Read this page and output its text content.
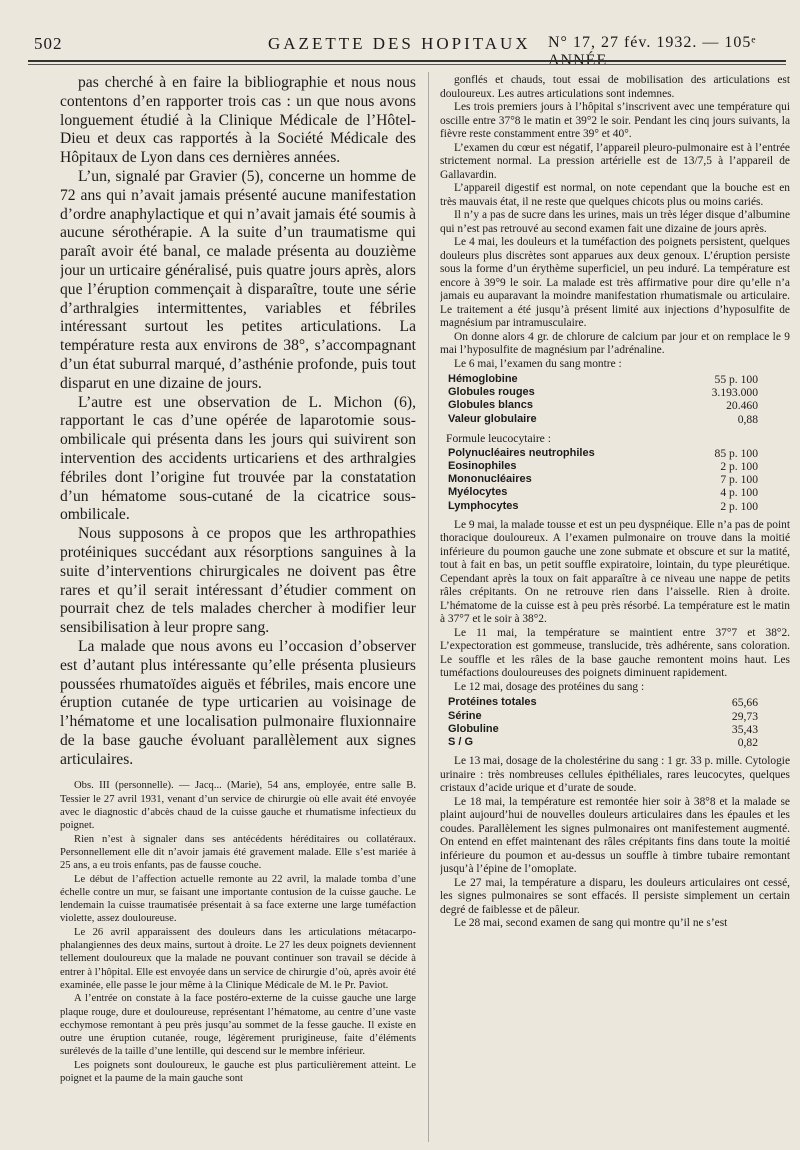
502	GAZETTE DES HOPITAUX N° 17, 27 fév. 1932. — 105ᵉ ANNÉE

pas cherché à en faire la bibliographie et nous nous contentons d’en rapporter trois cas : un que nous avons longuement étudié à la Clinique Médicale de l’Hôtel-Dieu et deux cas rapportés à la Société Médicale des Hôpitaux de Lyon dans ces dernières années.

L’un, signalé par Gravier (5), concerne un homme de 72 ans qui n’avait jamais présenté aucune manifestation d’ordre anaphylactique et qui n’avait jamais été soumis à aucune sérothérapie. A la suite d’un traumatisme qui paraît avoir été banal, ce malade présenta au douzième jour un urticaire généralisé, puis quatre jours après, alors que l’éruption commençait à disparaître, toute une série d’arthralgies intermittentes, variables et fébriles intéressant surtout les petites articulations. La température resta aux environs de 38°, s’accompagnant d’un état suburral marqué, d’asthénie profonde, puis tout disparut en une dizaine de jours.

L’autre est une observation de L. Michon (6), rapportant le cas d’une opérée de laparotomie sous-ombilicale qui présenta dans les jours qui suivirent son intervention des accidents urticariens et des arthralgies fébriles dont l’origine fut trouvée par la constatation d’un hématome sous-cutané de la cicatrice sous-ombilicale.

Nous supposons à ce propos que les arthropathies protéiniques succédant aux résorptions sanguines à la suite d’interventions chirurgicales ne doivent pas être rares et qu’il serait intéressant d’étudier comment on pourrait chez de tels malades chercher à modifier leur sensibilisation à leur propre sang.

La malade que nous avons eu l’occasion d’observer est d’autant plus intéressante qu’elle présenta plusieurs poussées rhumatoïdes aiguës et fébriles, mais encore une éruption cutanée de type urticarien au voisinage de l’hématome et une localisation pulmonaire fluxionnaire de la base gauche évoluant parallèlement aux signes articulaires.

Obs. III (personnelle). — Jacq... (Marie), 54 ans, employée, entre salle B. Tessier le 27 avril 1931, venant d’un service de chirurgie où elle avait été envoyée avec le diagnostic d’abcès chaud de la cuisse gauche et rhumatisme infectieux du poignet.

Rien n’est à signaler dans ses antécédents héréditaires ou collatéraux. Personnellement elle dit n’avoir jamais été gravement malade. Elle s’est mariée à 25 ans, a eu trois enfants, pas de fausse couche.

Le début de l’affection actuelle remonte au 22 avril, la malade tomba d’une échelle contre un mur, se faisant une importante contusion de la cuisse gauche. Le lendemain la cuisse traumatisée présentait à sa face externe une large tuméfaction violette, assez douloureuse.

Le 26 avril apparaissent des douleurs dans les articulations métacarpo-phalangiennes des deux mains, surtout à droite. Le 27 les deux poignets deviennent tellement douloureux que la malade ne pouvant continuer son travail se décide à entrer à l’hôpital. Elle est envoyée dans un service de chirurgie d’où, après avoir été examinée, elle passe le jour même à la Clinique Médicale de M. le Pr. Paviot.

A l’entrée on constate à la face postéro-externe de la cuisse gauche une large plaque rouge, dure et douloureuse, représentant l’hématome, au centre d’une vaste ecchymose remontant à peu près jusqu’au sommet de la fesse gauche. Il existe en outre une éruption cutanée, rouge, légèrement prurigineuse, faite d’éléments surélevés de la taille d’une lentille, qui descend sur le membre inférieur.

Les poignets sont douloureux, le gauche est plus particulièrement atteint. Le poignet et la paume de la main gauche sont

gonflés et chauds, tout essai de mobilisation des articulations est douloureux. Les autres articulations sont indemnes.

Les trois premiers jours à l’hôpital s’inscrivent avec une température qui oscille entre 37°8 le matin et 39°2 le soir. Pendant les cinq jours suivants, la fièvre reste constamment entre 39° et 40°.

L’examen du cœur est négatif, l’appareil pleuro-pulmonaire est à l’entrée strictement normal. La pression artérielle est de 13/7,5 à l’appareil de Gallavardin.

L’appareil digestif est normal, on note cependant que la bouche est en très mauvais état, il ne reste que quelques chicots plus ou moins cariés.

Il n’y a pas de sucre dans les urines, mais un très léger disque d’albumine qui n’est pas retrouvé au second examen fait une dizaine de jours après.

Le 4 mai, les douleurs et la tuméfaction des poignets persistent, quelques douleurs plus discrètes sont apparues aux deux genoux. L’éruption persiste sous la forme d’un érythème superficiel, un peu induré. La température est encore à 39°9 le soir. La malade est très affirmative pour dire qu’elle n’a jamais eu auparavant la moindre manifestation rhumatismale ou articulaire. Le traitement a été jusqu’à présent limité aux injections d’hyposulfite de magnésium par intramusculaire.

On donne alors 4 gr. de chlorure de calcium par jour et on remplace le 9 mai l’hyposulfite de magnésium par l’adrénaline.

Le 6 mai, l’examen du sang montre :

Hémoglobine	55 p. 100
Globules rouges	3.193.000
Globules blancs	20.460
Valeur globulaire	0,88
Formule leucocytaire :
Polynucléaires neutrophiles	85 p. 100
Eosinophiles	2 p. 100
Mononucléaires	7 p. 100
Myélocytes	4 p. 100
Lymphocytes	2 p. 100

Le 9 mai, la malade tousse et est un peu dyspnéique. Elle n’a pas de point thoracique douloureux. A l’examen pulmonaire on trouve dans la moitié inférieure du poumon gauche une zone submate et obscure et sur la matité, tout à fait en bas, un petit souffle expiratoire, lointain, du type pleurétique. Cependant après la toux on fait apparaître à ce niveau une nappe de petits râles crépitants. On ne retrouve rien dans l’aisselle. Rien à droite. L’hématome de la cuisse est à peu près résorbé. La température est le matin à 37°7 et le soir à 38°2.

Le 11 mai, la température se maintient entre 37°7 et 38°2. L’expectoration est gommeuse, translucide, très adhérente, sans coloration. Le souffle et les râles de la base gauche remontent moins haut. Les tuméfactions douloureuses des poignets diminuent rapidement.

Le 12 mai, dosage des protéines du sang :

Protéines totales	65,66
Sérine	29,73
Globuline	35,43
S / G	0,82

Le 13 mai, dosage de la cholestérine du sang : 1 gr. 33 p. mille. Cytologie urinaire : très nombreuses cellules épithéliales, rares leucocytes, quelques cristaux d’acide urique et d’urate de soude.

Le 18 mai, la température est remontée hier soir à 38°8 et la malade se plaint aujourd’hui de nouvelles douleurs articulaires dans les épaules et les coudes. Parallèlement les signes pulmonaires ont manifestement augmenté. On entend en effet maintenant des râles crépitants fins dans toute la moitié inférieure du poumon et au-dessus un souffle à timbre tubaire remontant jusqu’à l’épine de l’omoplate.

Le 27 mai, la température a disparu, les douleurs articulaires ont cessé, les signes pulmonaires se sont effacés. Il persiste simplement un certain degré de faiblesse et de pâleur.

Le 28 mai, second examen de sang qui montre qu’il ne s’est
